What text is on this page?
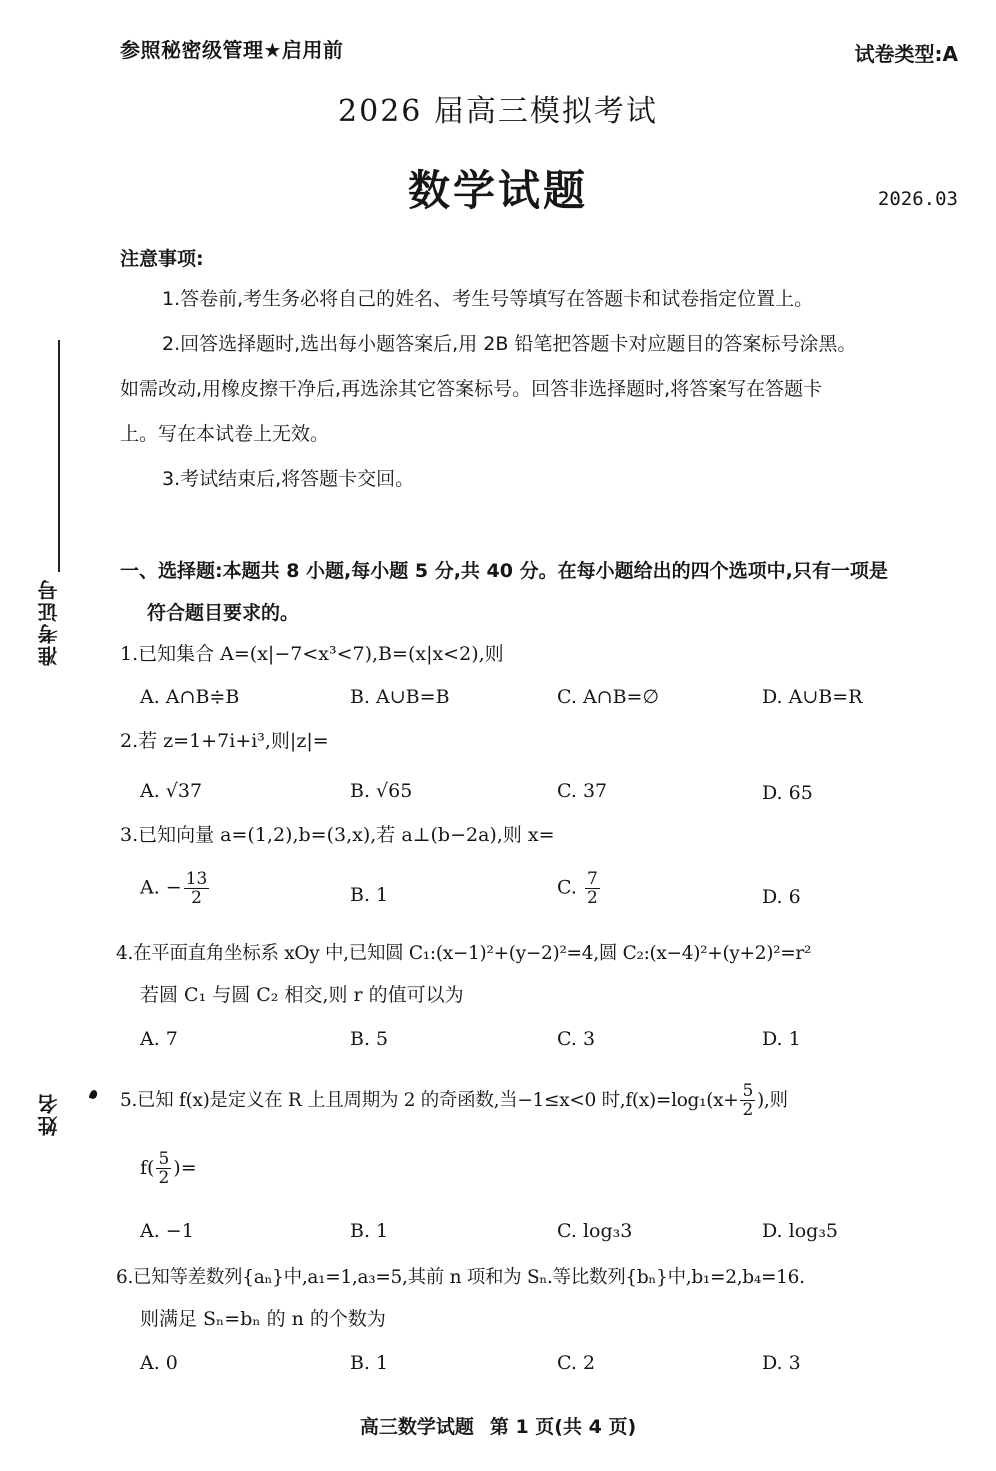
参照秘密级管理★启用前	试卷类型:A
2026 届高三模拟考试
数学试题	2026.03
准考证号
姓名
注意事项:
1.答卷前,考生务必将自己的姓名、考生号等填写在答题卡和试卷指定位置上。
2.回答选择题时,选出每小题答案后,用 2B 铅笔把答题卡对应题目的答案标号涂黑。
如需改动,用橡皮擦干净后,再选涂其它答案标号。回答非选择题时,将答案写在答题卡
上。写在本试卷上无效。
3.考试结束后,将答题卡交回。
一、选择题:本题共 8 小题,每小题 5 分,共 40 分。在每小题给出的四个选项中,只有一项是
符合题目要求的。
1.已知集合 A=(x|−7<x³<7),B=(x|x<2),则
A. A∩B≑B	B. A∪B=B	C. A∩B=∅	D. A∪B=R
2.若 z=1+7i+i³,则|z|=
A. √37	B. √65	C. 37	D. 65
3.已知向量 a=(1,2),b=(3,x),若 a⊥(b−2a),则 x=
A. − $\frac{13}{2}$	B. 1	C. $\frac{7}{2}$	D. 6
4.在平面直角坐标系 xOy 中,已知圆 C₁:(x−1)²+(y−2)²=4,圆 C₂:(x−4)²+(y+2)²=r²
若圆 C₁ 与圆 C₂ 相交,则 r 的值可以为
A. 7	B. 5	C. 3	D. 1
5.已知 f(x)是定义在 R 上且周期为 2 的奇函数,当−1≤x<0 时$,f(x)=\log_1(x+ \frac{5}{2}$ ),则
$f( \frac{5}{2}$ )=
A. −1	B. 1	C. log₃3	D. log₃5
6.已知等差数列{aₙ}中,a₁=1,a₃=5,其前 n 项和为 Sₙ.等比数列{bₙ}中,b₁=2,b₄=16.
则满足 Sₙ=bₙ 的 n 的个数为
A. 0	B. 1	C. 2	D. 3
高三数学试题 第 1 页(共 4 页)
